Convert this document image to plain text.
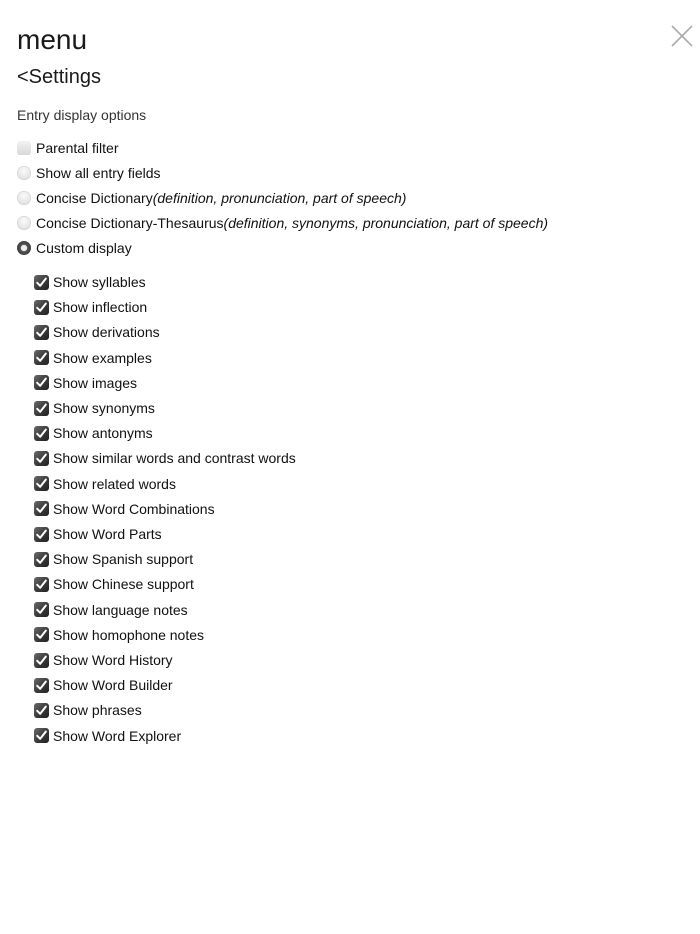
menu
<Settings
Entry display options
Parental filter
Show all entry fields
Concise Dictionary (definition, pronunciation, part of speech)
Concise Dictionary-Thesaurus (definition, synonyms, pronunciation, part of speech)
Custom display
Show syllables
Show inflection
Show derivations
Show examples
Show images
Show synonyms
Show antonyms
Show similar words and contrast words
Show related words
Show Word Combinations
Show Word Parts
Show Spanish support
Show Chinese support
Show language notes
Show homophone notes
Show Word History
Show Word Builder
Show phrases
Show Word Explorer
